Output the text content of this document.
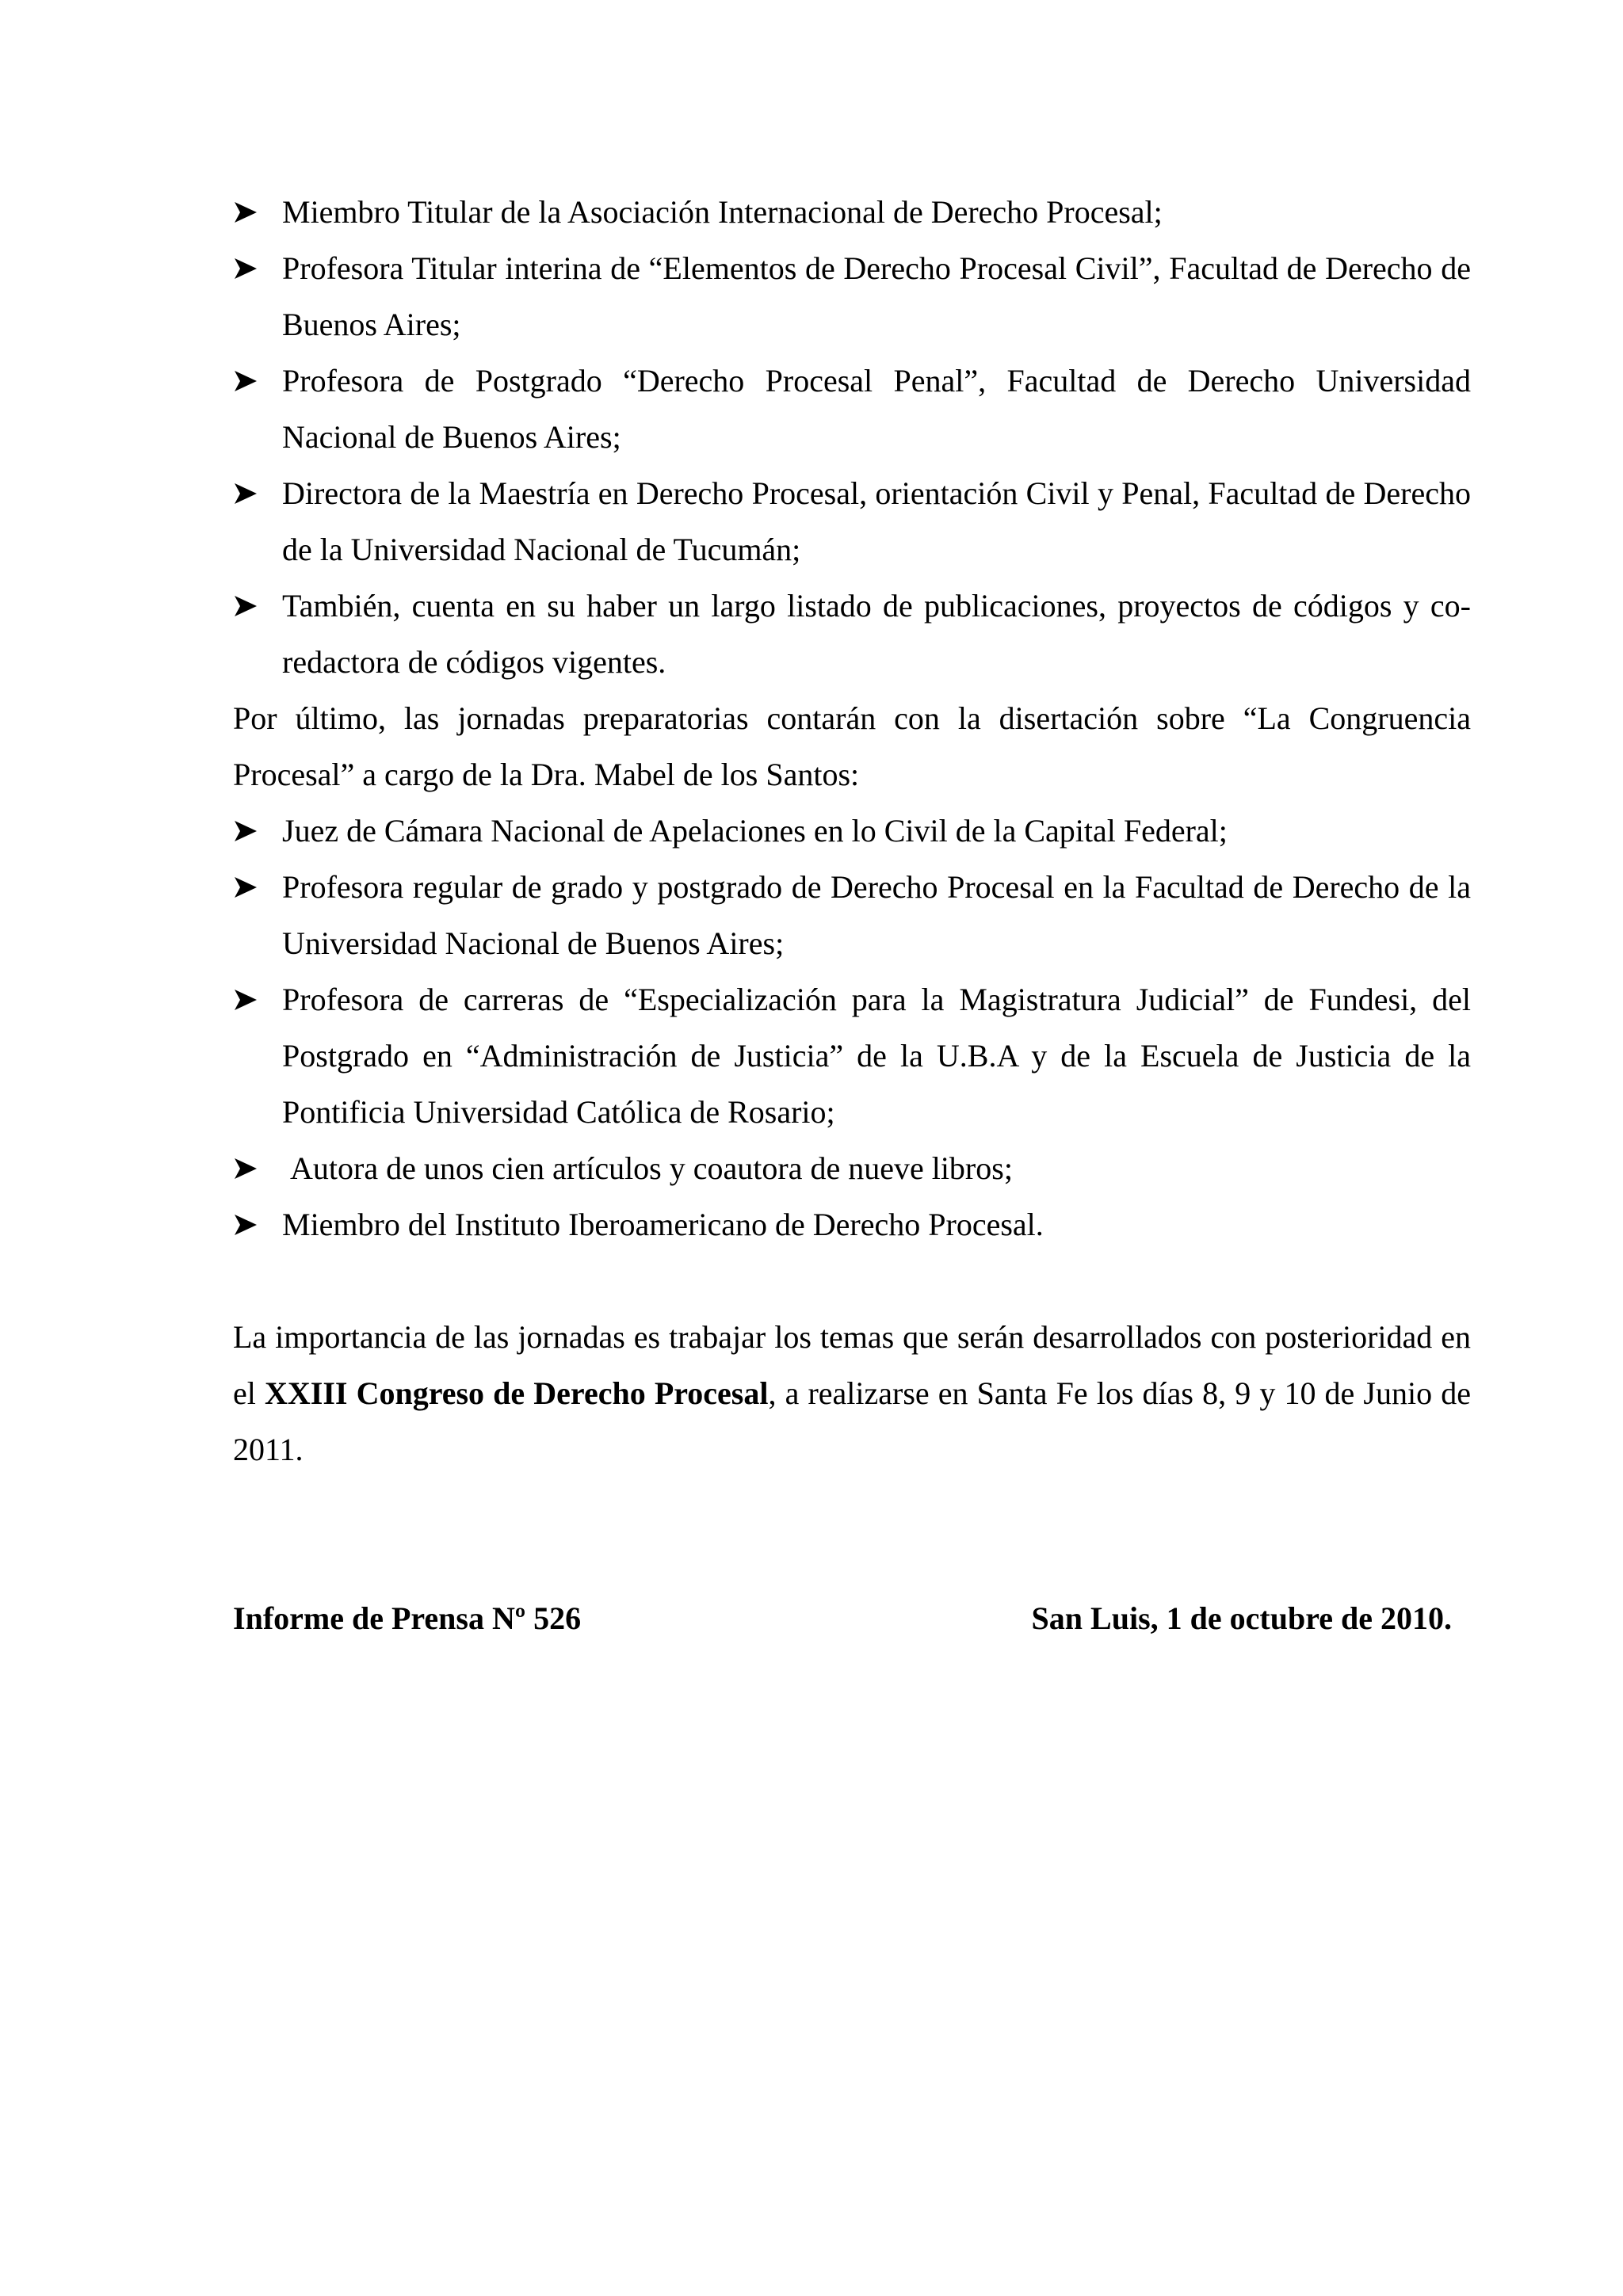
Miembro Titular de la Asociación Internacional de Derecho Procesal;
Profesora Titular interina de “Elementos de Derecho Procesal Civil”, Facultad de Derecho de Buenos Aires;
Profesora de Postgrado “Derecho Procesal Penal”, Facultad de Derecho Universidad Nacional de Buenos Aires;
Directora de la Maestría en Derecho Procesal, orientación Civil y Penal, Facultad de Derecho de la Universidad Nacional de Tucumán;
También, cuenta en su haber un largo listado de publicaciones, proyectos de códigos y co-redactora de códigos vigentes.

Por último, las jornadas preparatorias contarán con la disertación sobre “La Congruencia Procesal” a cargo de la Dra. Mabel de los Santos:

Juez de Cámara Nacional de Apelaciones en lo Civil de la Capital Federal;
Profesora regular de grado y postgrado de Derecho Procesal en la Facultad de Derecho de la Universidad Nacional de Buenos Aires;
Profesora de carreras de “Especialización para la Magistratura Judicial” de Fundesi, del Postgrado en “Administración de Justicia” de la U.B.A y de la Escuela de Justicia de la Pontificia Universidad Católica de Rosario;
Autora de unos cien artículos y coautora de nueve libros;
Miembro del Instituto Iberoamericano de Derecho Procesal.

La importancia de las jornadas es trabajar los temas que serán desarrollados con posterioridad en el XXIII Congreso de Derecho Procesal, a realizarse en Santa Fe los días 8, 9 y 10 de Junio de 2011.

Informe de Prensa Nº 526	San Luis, 1 de octubre de 2010.
